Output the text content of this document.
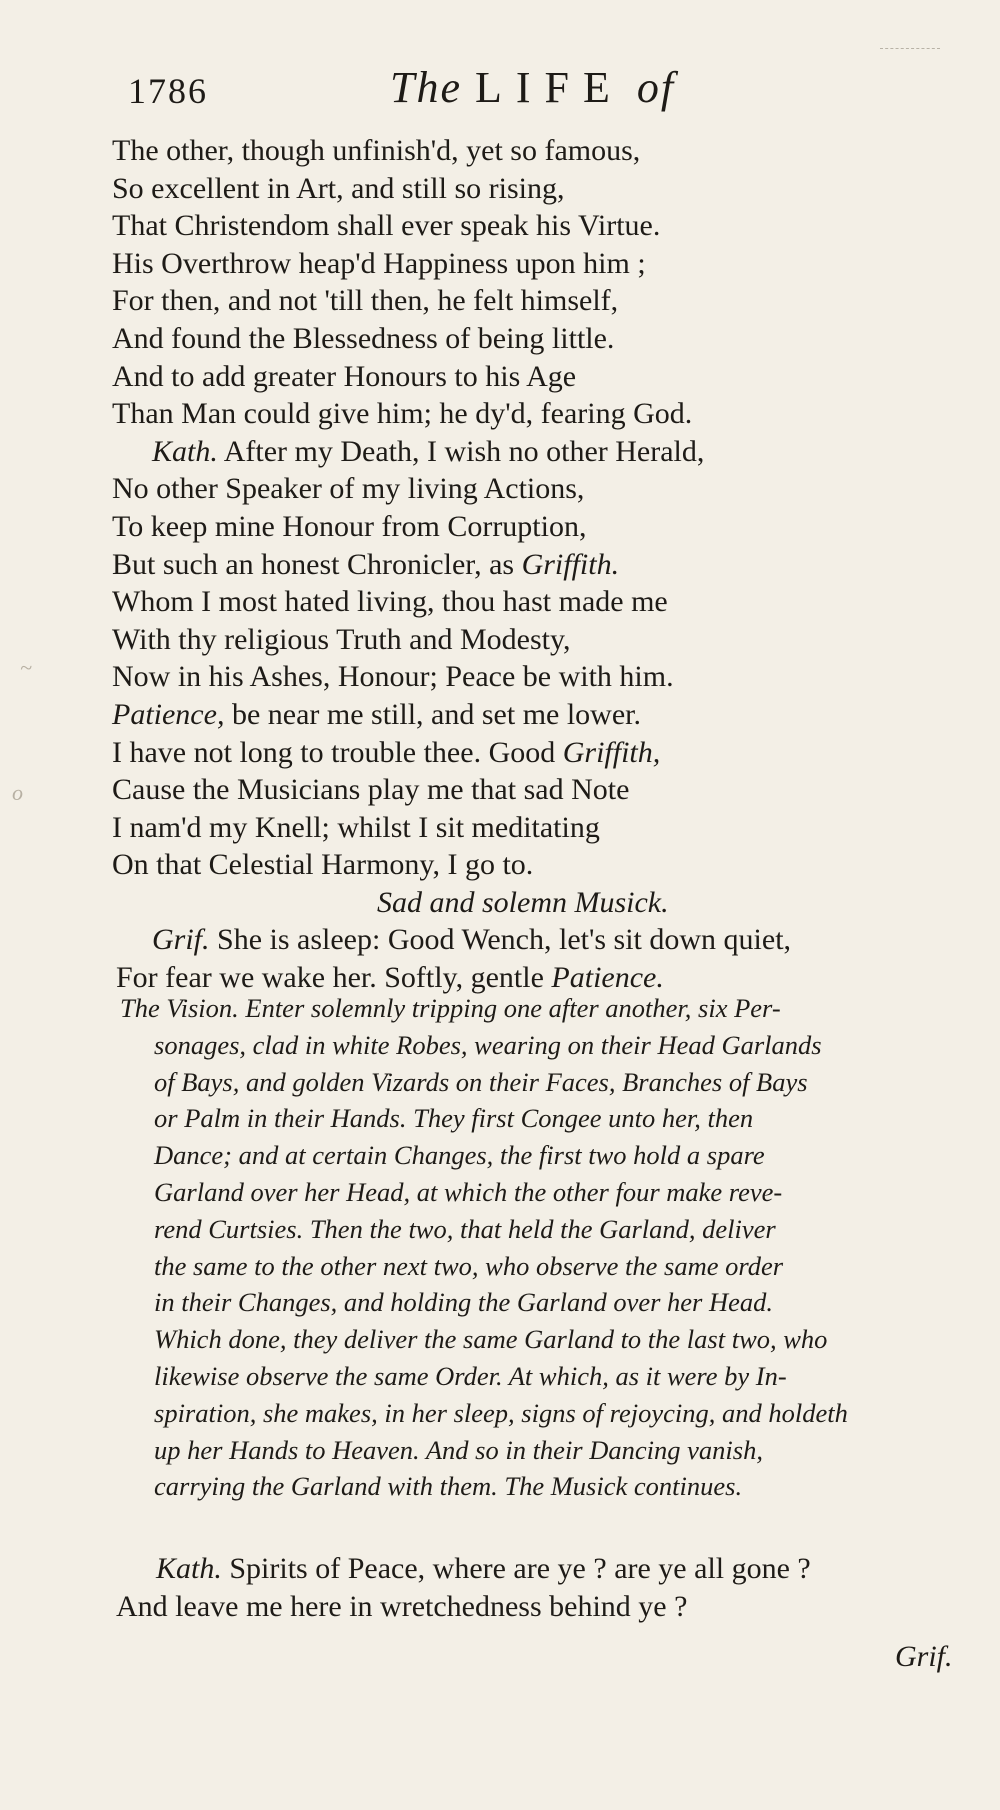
1786	The LIFE of
The other, though unfinish'd, yet so famous,
So excellent in Art, and still so rising,
That Christendom shall ever speak his Virtue.
His Overthrow heap'd Happiness upon him ;
For then, and not 'till then, he felt himself,
And found the Blessedness of being little.
And to add greater Honours to his Age
Than Man could give him; he dy'd, fearing God.
Kath. After my Death, I wish no other Herald,
No other Speaker of my living Actions,
To keep mine Honour from Corruption,
But such an honest Chronicler, as Griffith.
Whom I most hated living, thou hast made me
With thy religious Truth and Modesty,
Now in his Ashes, Honour; Peace be with him.
Patience, be near me still, and set me lower.
I have not long to trouble thee. Good Griffith,
Cause the Musicians play me that sad Note
I nam'd my Knell; whilst I sit meditating
On that Celestial Harmony, I go to.
Sad and solemn Musick.
Grif. She is asleep: Good Wench, let's sit down quiet,
For fear we wake her. Softly, gentle Patience.
The Vision. Enter solemnly tripping one after another, six Per-
sonages, clad in white Robes, wearing on their Head Garlands
of Bays, and golden Vizards on their Faces, Branches of Bays
or Palm in their Hands. They first Congee unto her, then
Dance; and at certain Changes, the first two hold a spare
Garland over her Head, at which the other four make reve-
rend Curtsies. Then the two, that held the Garland, deliver
the same to the other next two, who observe the same order
in their Changes, and holding the Garland over her Head.
Which done, they deliver the same Garland to the last two, who
likewise observe the same Order. At which, as it were by In-
spiration, she makes, in her sleep, signs of rejoycing, and holdeth
up her Hands to Heaven. And so in their Dancing vanish,
carrying the Garland with them. The Musick continues.
Kath. Spirits of Peace, where are ye ? are ye all gone ?
And leave me here in wretchedness behind ye ?
Grif.
~
o
